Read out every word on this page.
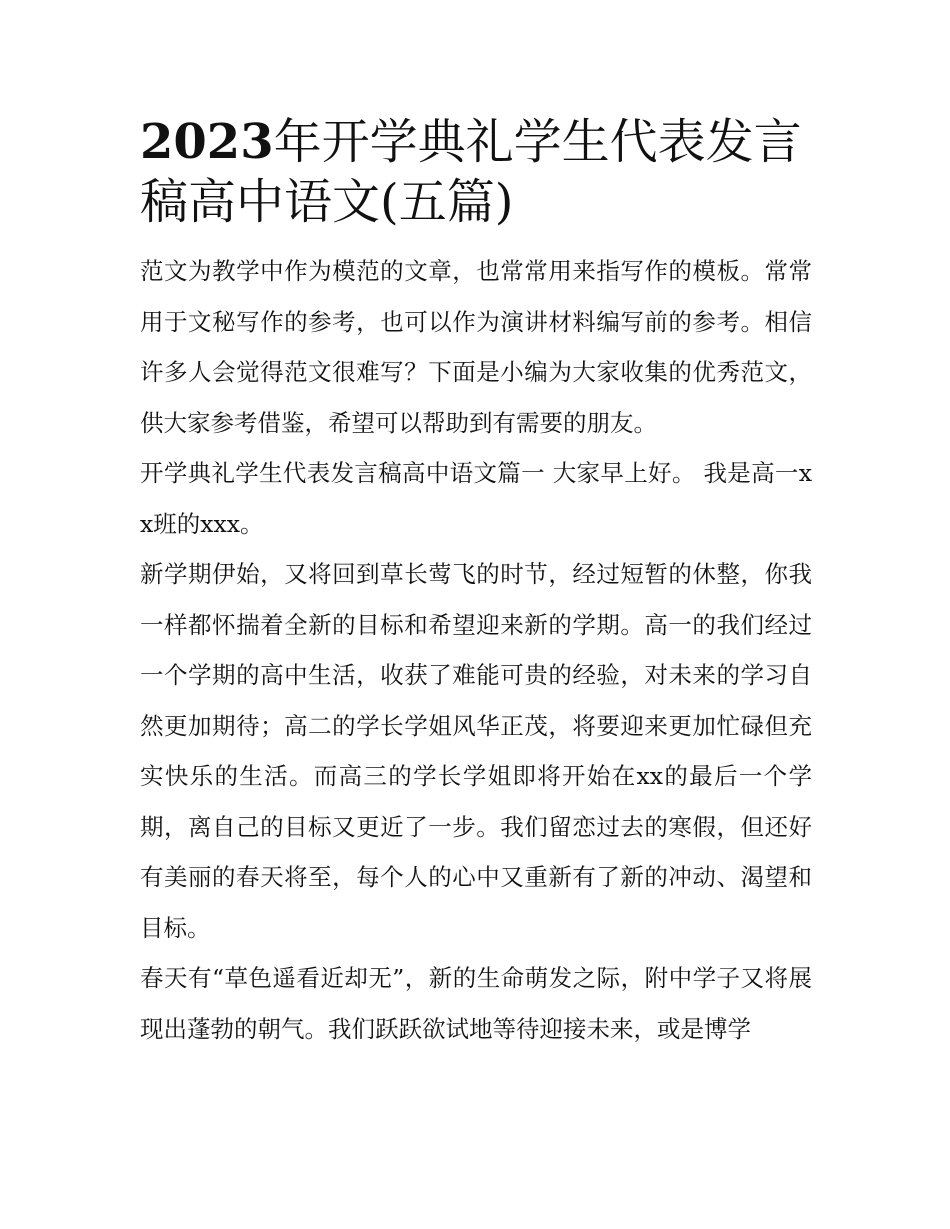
2023年开学典礼学生代表发言稿高中语文(五篇)

范文为教学中作为模范的文章，也常常用来指写作的模板。常常用于文秘写作的参考，也可以作为演讲材料编写前的参考。相信许多人会觉得范文很难写？下面是小编为大家收集的优秀范文，供大家参考借鉴，希望可以帮助到有需要的朋友。

开学典礼学生代表发言稿高中语文篇一 大家早上好。 我是高一xx班的xxx。

新学期伊始，又将回到草长莺飞的时节，经过短暂的休整，你我一样都怀揣着全新的目标和希望迎来新的学期。高一的我们经过一个学期的高中生活，收获了难能可贵的经验，对未来的学习自然更加期待；高二的学长学姐风华正茂，将要迎来更加忙碌但充实快乐的生活。而高三的学长学姐即将开始在xx的最后一个学期，离自己的目标又更近了一步。我们留恋过去的寒假，但还好有美丽的春天将至，每个人的心中又重新有了新的冲动、渴望和目标。

春天有“草色遥看近却无”，新的生命萌发之际，附中学子又将展现出蓬勃的朝气。我们跃跃欲试地等待迎接未来，或是博学
